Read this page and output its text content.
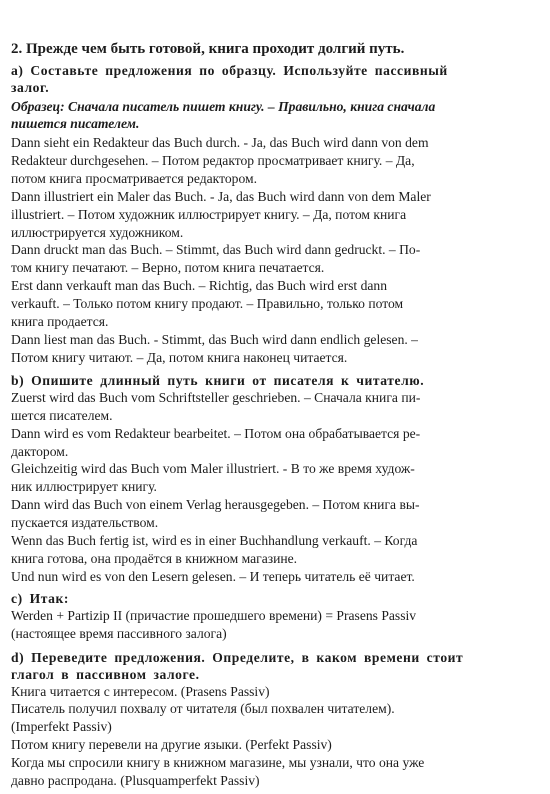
2. Прежде чем быть готовой, книга проходит долгий путь.
а) Составьте предложения по образцу. Используйте пассивный
залог.
Образец: Сначала писатель пишет книгу. – Правильно, книга сначала
пишется писателем.
Dann sieht ein Redakteur das Buch durch. - Ja, das Buch wird dann von dem
Redakteur durchgesehen. – Потом редактор просматривает книгу. – Да,
потом книга просматривается редактором.
Dann illustriert ein Maler das Buch. - Ja, das Buch wird dann von dem Maler
illustriert. – Потом художник иллюстрирует книгу. – Да, потом книга
иллюстрируется художником.
Dann druckt man das Buch. – Stimmt, das Buch wird dann gedruckt. – По-
том книгу печатают. – Верно, потом книга печатается.
Erst dann verkauft man das Buch. – Richtig, das Buch wird erst dann
verkauft. – Только потом книгу продают. – Правильно, только потом
книга продается.
Dann liest man das Buch. - Stimmt, das Buch wird dann endlich gelesen. –
Потом книгу читают. – Да, потом книга наконец читается.
b) Опишите длинный путь книги от писателя к читателю.
Zuerst wird das Buch vom Schriftsteller geschrieben. – Сначала книга пи-
шется писателем.
Dann wird es vom Redakteur bearbeitet. – Потом она обрабатывается ре-
дактором.
Gleichzeitig wird das Buch vom Maler illustriert. - В то же время худож-
ник иллюстрирует книгу.
Dann wird das Buch von einem Verlag herausgegeben. – Потом книга вы-
пускается издательством.
Wenn das Buch fertig ist, wird es in einer Buchhandlung verkauft. – Когда
книга готова, она продаётся в книжном магазине.
Und nun wird es von den Lesern gelesen. – И теперь читатель её читает.
c) Итак:
Werden + Partizip II (причастие прошедшего времени) = Prasens Passiv
(настоящее время пассивного залога)
d) Переведите предложения. Определите, в каком времени стоит
глагол в пассивном залоге.
Книга читается с интересом. (Prasens Passiv)
Писатель получил похвалу от читателя (был похвален читателем).
(Imperfekt Passiv)
Потом книгу перевели на другие языки. (Perfekt Passiv)
Когда мы спросили книгу в книжном магазине, мы узнали, что она уже
давно распродана. (Plusquamperfekt Passiv)
